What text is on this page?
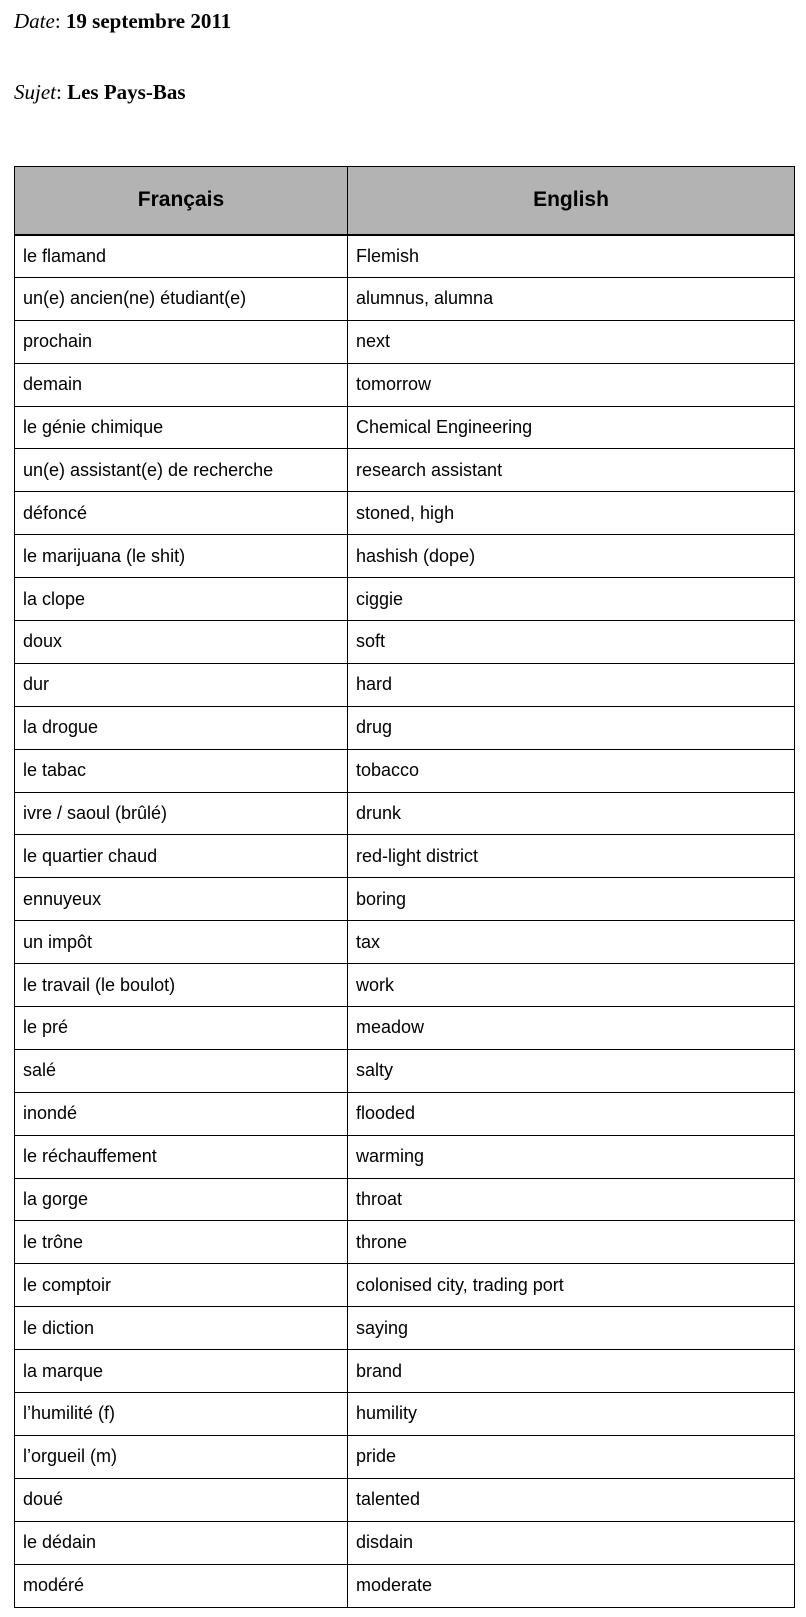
Date: 19 septembre 2011
Sujet: Les Pays-Bas
Français	English
le flamand	Flemish
un(e) ancien(ne) étudiant(e)	alumnus, alumna
prochain	next
demain	tomorrow
le génie chimique	Chemical Engineering
un(e) assistant(e) de recherche	research assistant
défoncé	stoned, high
le marijuana (le shit)	hashish (dope)
la clope	ciggie
doux	soft
dur	hard
la drogue	drug
le tabac	tobacco
ivre / saoul (brûlé)	drunk
le quartier chaud	red-light district
ennuyeux	boring
un impôt	tax
le travail (le boulot)	work
le pré	meadow
salé	salty
inondé	flooded
le réchauffement	warming
la gorge	throat
le trône	throne
le comptoir	colonised city, trading port
le diction	saying
la marque	brand
l’humilité (f)	humility
l’orgueil (m)	pride
doué	talented
le dédain	disdain
modéré	moderate
